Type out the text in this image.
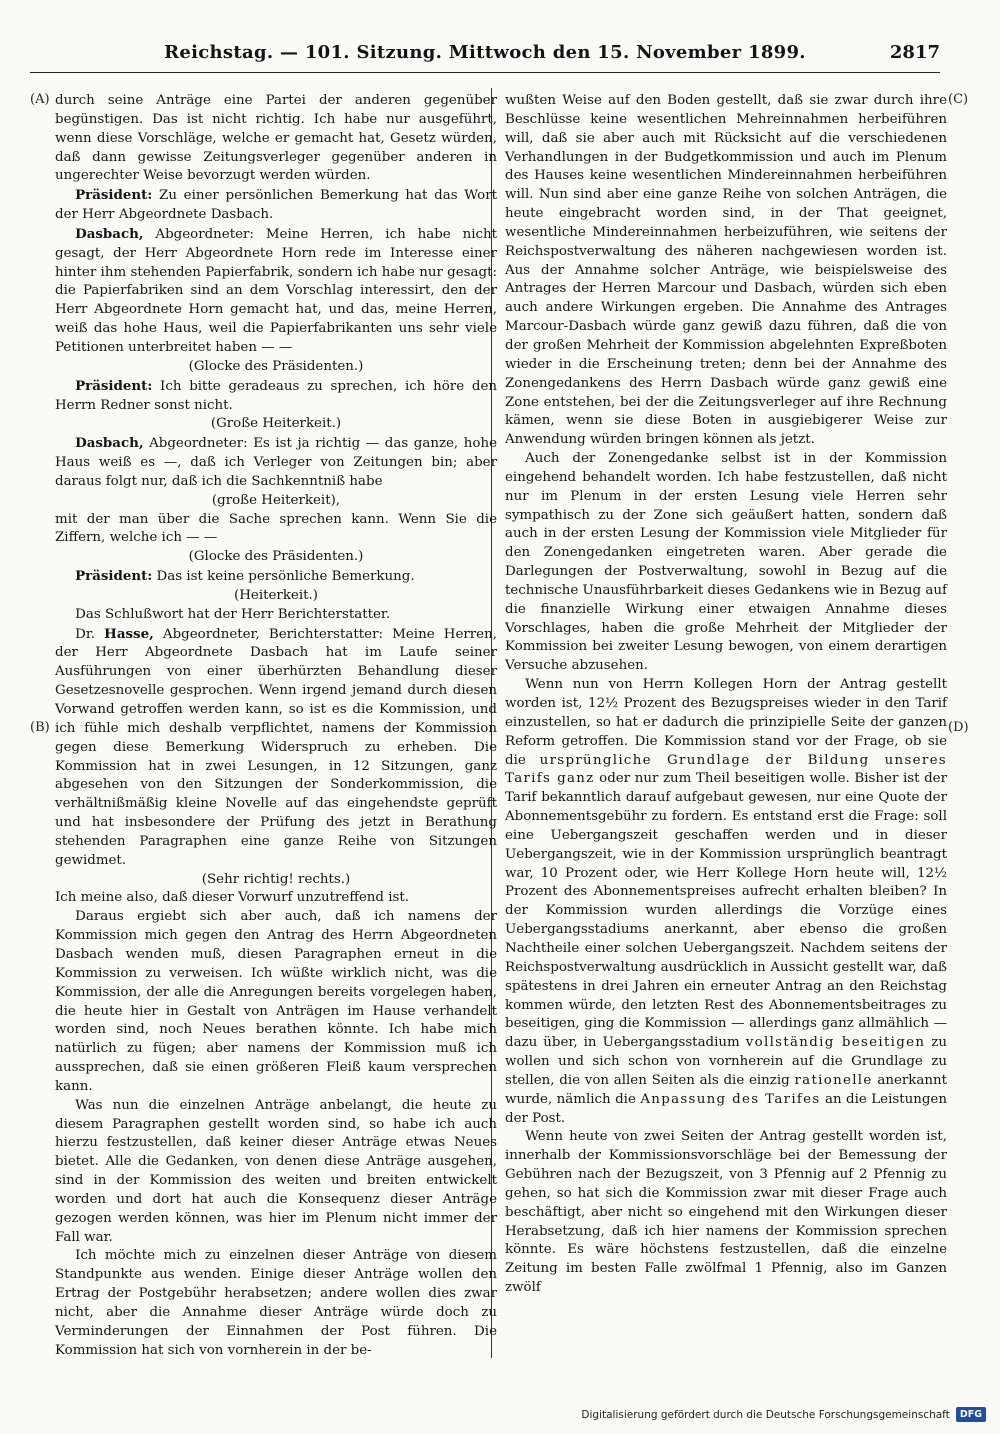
Reichstag. — 101. Sitzung. Mittwoch den 15. November 1899.	2817
(A)
(B)
(C)
(D)

durch seine Anträge eine Partei der anderen gegenüber begünstigen. Das ist nicht richtig. Ich habe nur ausgeführt, wenn diese Vorschläge, welche er gemacht hat, Gesetz würden, daß dann gewisse Zeitungsverleger gegenüber anderen in ungerechter Weise bevorzugt werden würden.

Präsident: Zu einer persönlichen Bemerkung hat das Wort der Herr Abgeordnete Dasbach.

Dasbach, Abgeordneter: Meine Herren, ich habe nicht gesagt, der Herr Abgeordnete Horn rede im Interesse einer hinter ihm stehenden Papierfabrik, sondern ich habe nur gesagt: die Papierfabriken sind an dem Vorschlag interessirt, den der Herr Abgeordnete Horn gemacht hat, und das, meine Herren, weiß das hohe Haus, weil die Papierfabrikanten uns sehr viele Petitionen unterbreitet haben — —

(Glocke des Präsidenten.)

Präsident: Ich bitte geradeaus zu sprechen, ich höre den Herrn Redner sonst nicht.

(Große Heiterkeit.)

Dasbach, Abgeordneter: Es ist ja richtig — das ganze, hohe Haus weiß es —, daß ich Verleger von Zeitungen bin; aber daraus folgt nur, daß ich die Sachkenntniß habe

(große Heiterkeit),

mit der man über die Sache sprechen kann. Wenn Sie die Ziffern, welche ich — —

(Glocke des Präsidenten.)

Präsident: Das ist keine persönliche Bemerkung.

(Heiterkeit.)

Das Schlußwort hat der Herr Berichterstatter.

Dr. Hasse, Abgeordneter, Berichterstatter: Meine Herren, der Herr Abgeordnete Dasbach hat im Laufe seiner Ausführungen von einer überhürzten Behandlung dieser Gesetzesnovelle gesprochen. Wenn irgend jemand durch diesen Vorwand getroffen werden kann, so ist es die Kommission, und ich fühle mich deshalb verpflichtet, namens der Kommission gegen diese Bemerkung Widerspruch zu erheben. Die Kommission hat in zwei Lesungen, in 12 Sitzungen, ganz abgesehen von den Sitzungen der Sonderkommission, die verhältnißmäßig kleine Novelle auf das eingehendste geprüft und hat insbesondere der Prüfung des jetzt in Berathung stehenden Paragraphen eine ganze Reihe von Sitzungen gewidmet.

(Sehr richtig! rechts.)

Ich meine also, daß dieser Vorwurf unzutreffend ist.

Daraus ergiebt sich aber auch, daß ich namens der Kommission mich gegen den Antrag des Herrn Abgeordneten Dasbach wenden muß, diesen Paragraphen erneut in die Kommission zu verweisen. Ich wüßte wirklich nicht, was die Kommission, der alle die Anregungen bereits vorgelegen haben, die heute hier in Gestalt von Anträgen im Hause verhandelt worden sind, noch Neues berathen könnte. Ich habe mich natürlich zu fügen; aber namens der Kommission muß ich aussprechen, daß sie einen größeren Fleiß kaum versprechen kann.

Was nun die einzelnen Anträge anbelangt, die heute zu diesem Paragraphen gestellt worden sind, so habe ich auch hierzu festzustellen, daß keiner dieser Anträge etwas Neues bietet. Alle die Gedanken, von denen diese Anträge ausgehen, sind in der Kommission des weiten und breiten entwickelt worden und dort hat auch die Konsequenz dieser Anträge gezogen werden können, was hier im Plenum nicht immer der Fall war.

Ich möchte mich zu einzelnen dieser Anträge von diesem Standpunkte aus wenden. Einige dieser Anträge wollen den Ertrag der Postgebühr herabsetzen; andere wollen dies zwar nicht, aber die Annahme dieser Anträge würde doch zu Verminderungen der Einnahmen der Post führen. Die Kommission hat sich von vornherein in der be-

wußten Weise auf den Boden gestellt, daß sie zwar durch ihre Beschlüsse keine wesentlichen Mehreinnahmen herbeiführen will, daß sie aber auch mit Rücksicht auf die verschiedenen Verhandlungen in der Budgetkommission und auch im Plenum des Hauses keine wesentlichen Mindereinnahmen herbeiführen will. Nun sind aber eine ganze Reihe von solchen Anträgen, die heute eingebracht worden sind, in der That geeignet, wesentliche Mindereinnahmen herbeizuführen, wie seitens der Reichspostverwaltung des näheren nachgewiesen worden ist. Aus der Annahme solcher Anträge, wie beispielsweise des Antrages der Herren Marcour und Dasbach, würden sich eben auch andere Wirkungen ergeben. Die Annahme des Antrages Marcour-Dasbach würde ganz gewiß dazu führen, daß die von der großen Mehrheit der Kommission abgelehnten Expreßboten wieder in die Erscheinung treten; denn bei der Annahme des Zonengedankens des Herrn Dasbach würde ganz gewiß eine Zone entstehen, bei der die Zeitungsverleger auf ihre Rechnung kämen, wenn sie diese Boten in ausgiebigerer Weise zur Anwendung würden bringen können als jetzt.

Auch der Zonengedanke selbst ist in der Kommission eingehend behandelt worden. Ich habe festzustellen, daß nicht nur im Plenum in der ersten Lesung viele Herren sehr sympathisch zu der Zone sich geäußert hatten, sondern daß auch in der ersten Lesung der Kommission viele Mitglieder für den Zonengedanken eingetreten waren. Aber gerade die Darlegungen der Postverwaltung, sowohl in Bezug auf die technische Unausführbarkeit dieses Gedankens wie in Bezug auf die finanzielle Wirkung einer etwaigen Annahme dieses Vorschlages, haben die große Mehrheit der Mitglieder der Kommission bei zweiter Lesung bewogen, von einem derartigen Versuche abzusehen.

Wenn nun von Herrn Kollegen Horn der Antrag gestellt worden ist, 12½ Prozent des Bezugspreises wieder in den Tarif einzustellen, so hat er dadurch die prinzipielle Seite der ganzen Reform getroffen. Die Kommission stand vor der Frage, ob sie die ursprüngliche Grundlage der Bildung unseres Tarifs ganz oder nur zum Theil beseitigen wolle. Bisher ist der Tarif bekanntlich darauf aufgebaut gewesen, nur eine Quote der Abonnementsgebühr zu fordern. Es entstand erst die Frage: soll eine Uebergangszeit geschaffen werden und in dieser Uebergangszeit, wie in der Kommission ursprünglich beantragt war, 10 Prozent oder, wie Herr Kollege Horn heute will, 12½ Prozent des Abonnementspreises aufrecht erhalten bleiben? In der Kommission wurden allerdings die Vorzüge eines Uebergangsstadiums anerkannt, aber ebenso die großen Nachtheile einer solchen Uebergangszeit. Nachdem seitens der Reichspostverwaltung ausdrücklich in Aussicht gestellt war, daß spätestens in drei Jahren ein erneuter Antrag an den Reichstag kommen würde, den letzten Rest des Abonnementsbeitrages zu beseitigen, ging die Kommission — allerdings ganz allmählich — dazu über, in Uebergangsstadium vollständig beseitigen zu wollen und sich schon von vornherein auf die Grundlage zu stellen, die von allen Seiten als die einzig rationelle anerkannt wurde, nämlich die Anpassung des Tarifes an die Leistungen der Post.

Wenn heute von zwei Seiten der Antrag gestellt worden ist, innerhalb der Kommissionsvorschläge bei der Bemessung der Gebühren nach der Bezugszeit, von 3 Pfennig auf 2 Pfennig zu gehen, so hat sich die Kommission zwar mit dieser Frage auch beschäftigt, aber nicht so eingehend mit den Wirkungen dieser Herabsetzung, daß ich hier namens der Kommission sprechen könnte. Es wäre höchstens festzustellen, daß die einzelne Zeitung im besten Falle zwölfmal 1 Pfennig, also im Ganzen zwölf

Digitalisierung gefördert durch die Deutsche Forschungsgemeinschaft	DFG
